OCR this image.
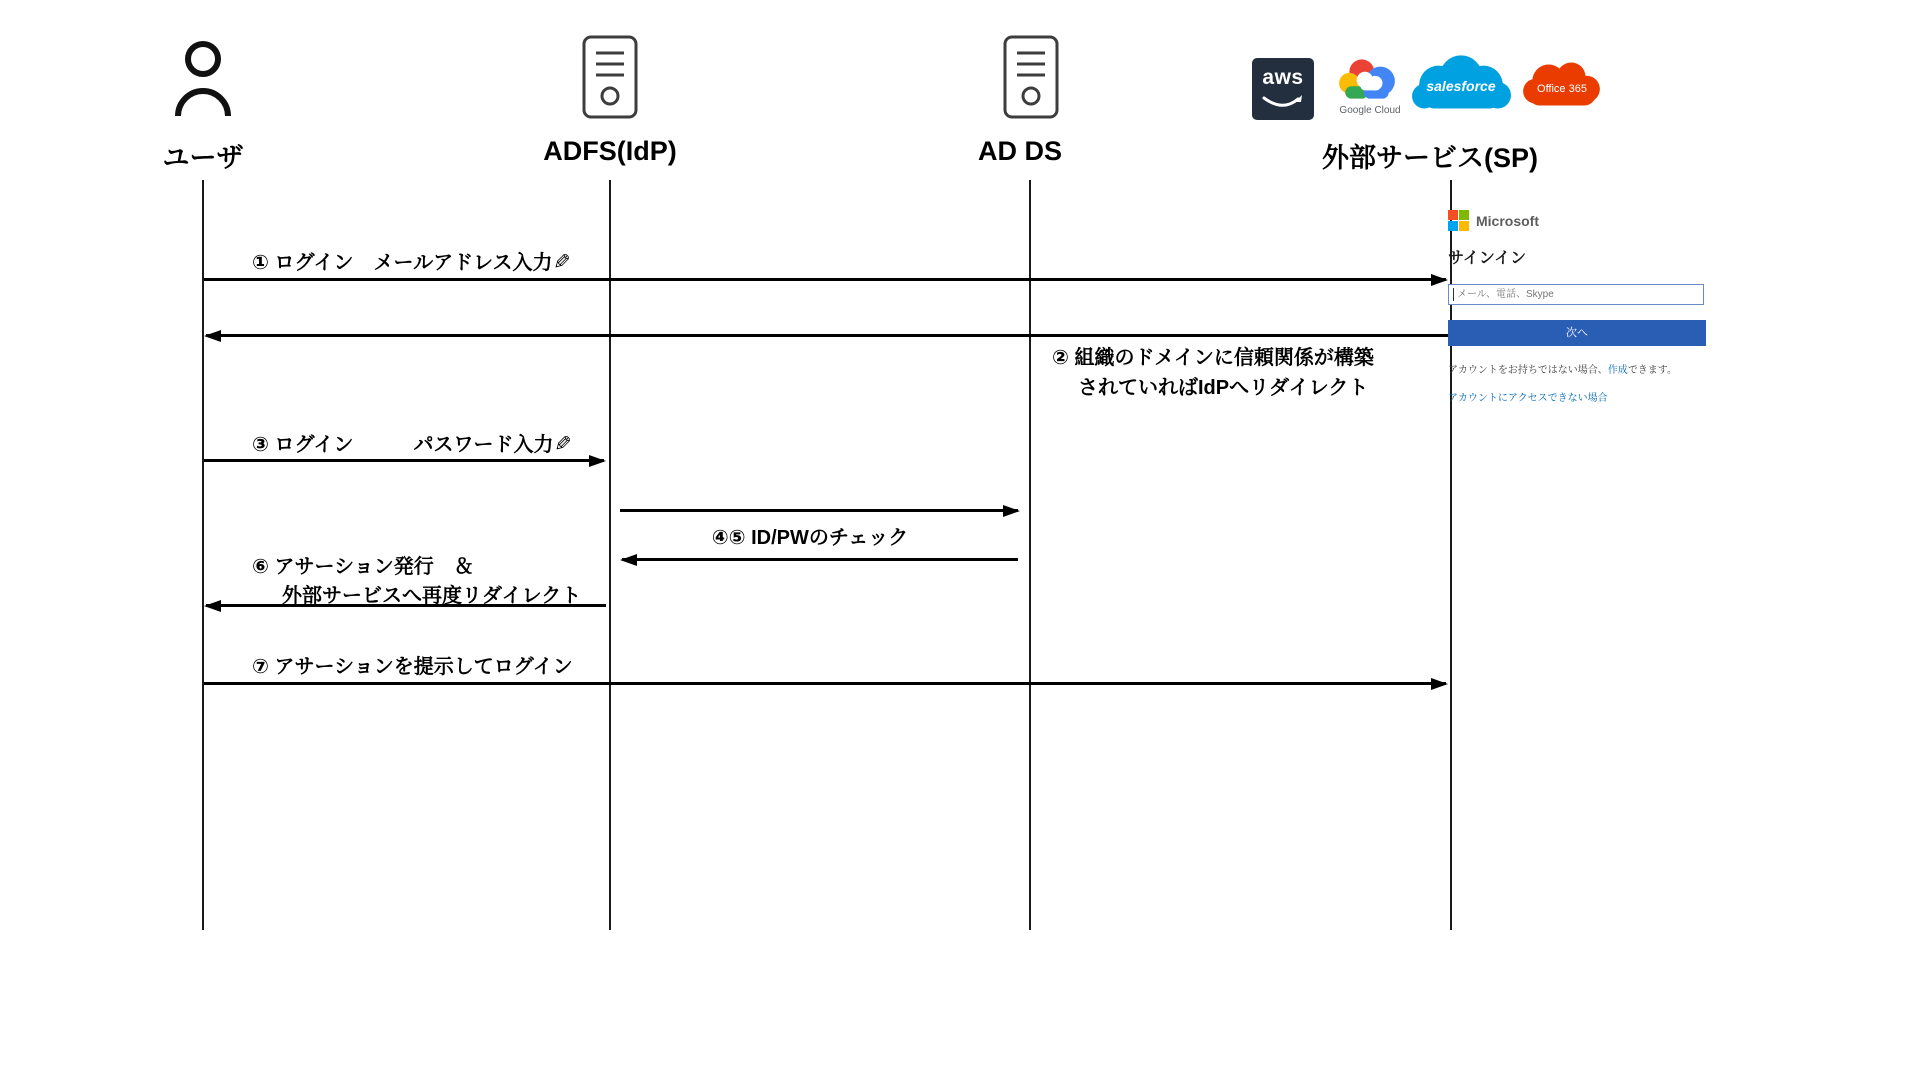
aws
Google Cloud
salesforce	Office 365
ユーザ	ADFS(IdP)	AD DS	外部サービス(SP)
① ログイン　メールアドレス入力✎
② 組織のドメインに信頼関係が構築
されていればIdPへリダイレクト
③ ログイン　　　パスワード入力✎
④⑤ ID/PWのチェック
⑥ アサーション発行　＆
外部サービスへ再度リダイレクト
⑦ アサーションを提示してログイン
Microsoft
サインイン
メール、電話、Skype
次へ
アカウントをお持ちではない場合、作成できます。
アカウントにアクセスできない場合
